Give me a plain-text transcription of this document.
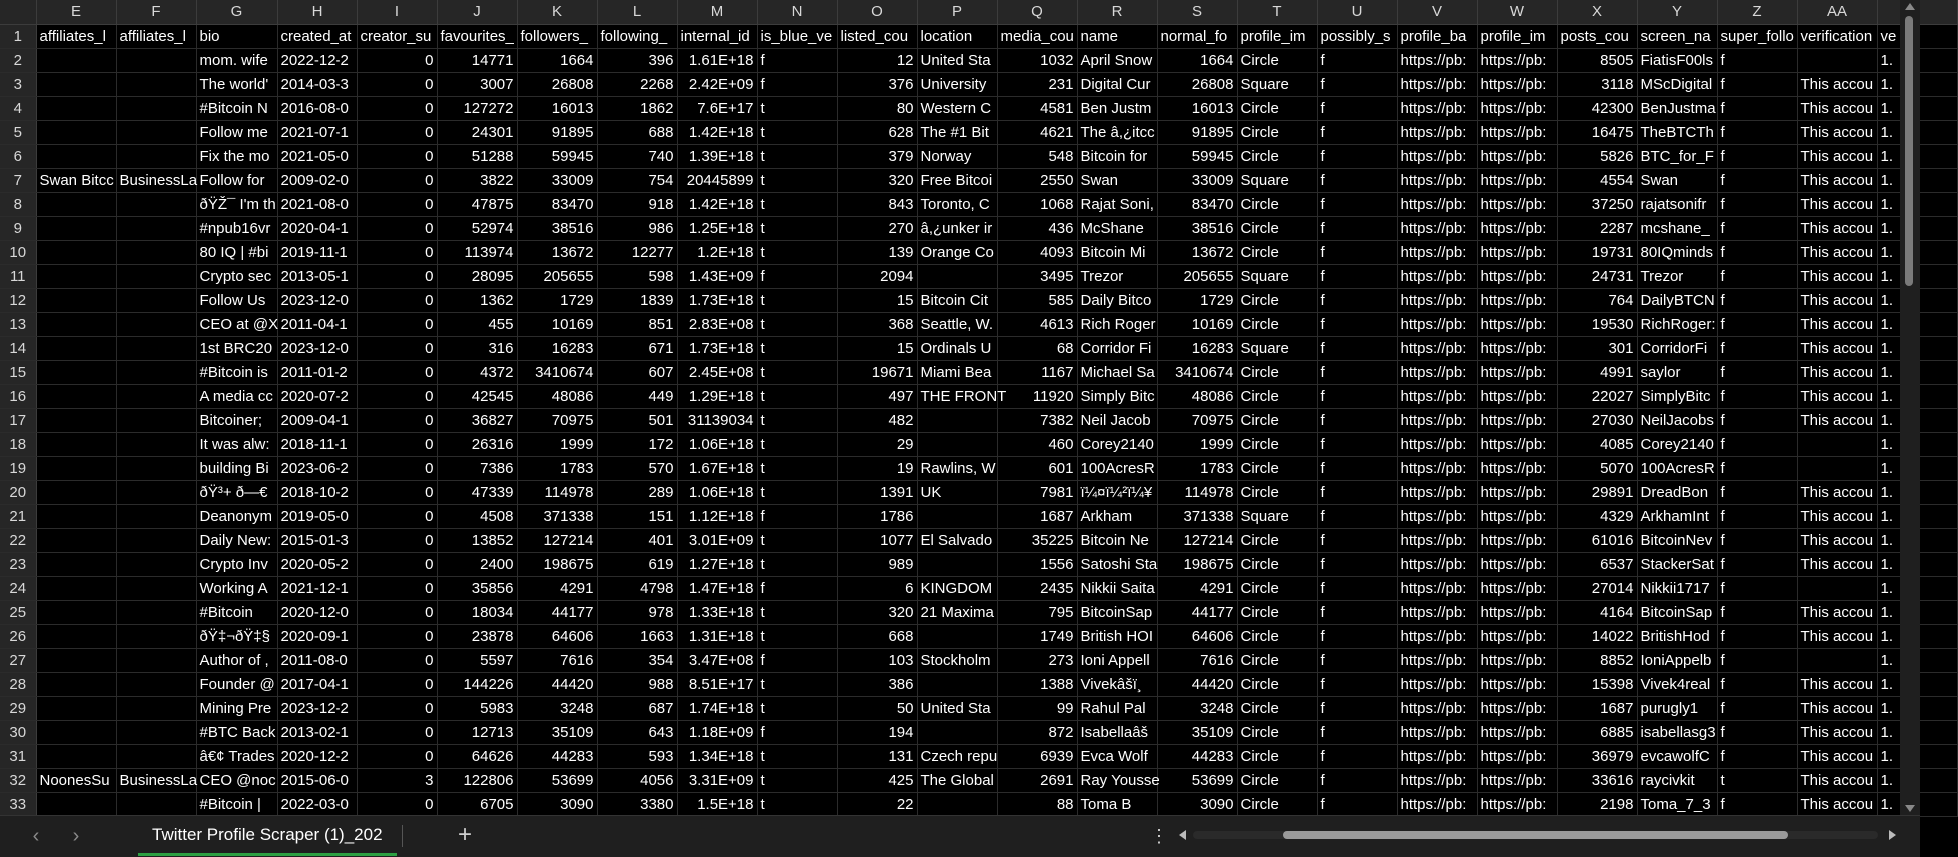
	E	F	G	H	I	J	K	L	M	N	O	P	Q	R	S	T	U	V	W	X	Y	Z	AA	
1	affiliates_l	affiliates_l	bio	created_at	creator_su	favourites_	followers_	following_	internal_id	is_blue_ve	listed_cou	location	media_cou	name	normal_fo	profile_im	possibly_s	profile_ba	profile_im	posts_cou	screen_na	super_follo	verification	ve
2			mom. wife	2022-12-2	0	14771	1664	396	1.61E+18	f	12	United Sta	1032	April Snow	1664	Circle	f	https://pb:	https://pb:	8505	FiatisF00ls	f		1.
3			The world'	2014-03-3	0	3007	26808	2268	2.42E+09	f	376	University	231	Digital Cur	26808	Square	f	https://pb:	https://pb:	3118	MScDigital	f	This accou	1.
4			#Bitcoin N	2016-08-0	0	127272	16013	1862	7.6E+17	t	80	Western C	4581	Ben Justm	16013	Circle	f	https://pb:	https://pb:	42300	BenJustma	f	This accou	1.
5			Follow me	2021-07-1	0	24301	91895	688	1.42E+18	t	628	The #1 Bit	4621	The â,¿itcc	91895	Circle	f	https://pb:	https://pb:	16475	TheBTCTh	f	This accou	1.
6			Fix the mo	2021-05-0	0	51288	59945	740	1.39E+18	t	379	Norway	548	Bitcoin for	59945	Circle	f	https://pb:	https://pb:	5826	BTC_for_F	f	This accou	1.
7	Swan Bitcc	BusinessLa	Follow for	2009-02-0	0	3822	33009	754	20445899	t	320	Free Bitcoi	2550	Swan	33009	Square	f	https://pb:	https://pb:	4554	Swan	f	This accou	1.
8			ðŸŽ¯ I'm th	2021-08-0	0	47875	83470	918	1.42E+18	t	843	Toronto, C	1068	Rajat Soni,	83470	Circle	f	https://pb:	https://pb:	37250	rajatsonifr	f	This accou	1.
9			#npub16vr	2020-04-1	0	52974	38516	986	1.25E+18	t	270	â,¿unker ir	436	McShane	38516	Circle	f	https://pb:	https://pb:	2287	mcshane_	f	This accou	1.
10			80 IQ | #bi	2019-11-1	0	113974	13672	12277	1.2E+18	t	139	Orange Co	4093	Bitcoin Mi	13672	Circle	f	https://pb:	https://pb:	19731	80IQminds	f	This accou	1.
11			Crypto sec	2013-05-1	0	28095	205655	598	1.43E+09	f	2094		3495	Trezor	205655	Square	f	https://pb:	https://pb:	24731	Trezor	f	This accou	1.
12			Follow Us	2023-12-0	0	1362	1729	1839	1.73E+18	t	15	Bitcoin Cit	585	Daily Bitco	1729	Circle	f	https://pb:	https://pb:	764	DailyBTCN	f	This accou	1.
13			CEO at @X	2011-04-1	0	455	10169	851	2.83E+08	t	368	Seattle, W.	4613	Rich Roger	10169	Circle	f	https://pb:	https://pb:	19530	RichRoger:	f	This accou	1.
14			1st BRC20	2023-12-0	0	316	16283	671	1.73E+18	t	15	Ordinals U	68	Corridor Fi	16283	Square	f	https://pb:	https://pb:	301	CorridorFi	f	This accou	1.
15			#Bitcoin is	2011-01-2	0	4372	3410674	607	2.45E+08	t	19671	Miami Bea	1167	Michael Sa	3410674	Circle	f	https://pb:	https://pb:	4991	saylor	f	This accou	1.
16			A media cc	2020-07-2	0	42545	48086	449	1.29E+18	t	497	THE FRONT	11920	Simply Bitc	48086	Circle	f	https://pb:	https://pb:	22027	SimplyBitc	f	This accou	1.
17			Bitcoiner;	2009-04-1	0	36827	70975	501	31139034	t	482		7382	Neil Jacob	70975	Circle	f	https://pb:	https://pb:	27030	NeilJacobs	f	This accou	1.
18			It was alw:	2018-11-1	0	26316	1999	172	1.06E+18	t	29		460	Corey2140	1999	Circle	f	https://pb:	https://pb:	4085	Corey2140	f		1.
19			building Bi	2023-06-2	0	7386	1783	570	1.67E+18	t	19	Rawlins, W	601	100AcresR	1783	Circle	f	https://pb:	https://pb:	5070	100AcresR	f		1.
20			ðŸ³+ ð—€	2018-10-2	0	47339	114978	289	1.06E+18	t	1391	UK	7981	ï¼¤ï¼²ï¼¥	114978	Circle	f	https://pb:	https://pb:	29891	DreadBon	f	This accou	1.
21			Deanonym	2019-05-0	0	4508	371338	151	1.12E+18	f	1786		1687	Arkham	371338	Square	f	https://pb:	https://pb:	4329	ArkhamInt	f	This accou	1.
22			Daily New:	2015-01-3	0	13852	127214	401	3.01E+09	t	1077	El Salvado	35225	Bitcoin Ne	127214	Circle	f	https://pb:	https://pb:	61016	BitcoinNev	f	This accou	1.
23			Crypto Inv	2020-05-2	0	2400	198675	619	1.27E+18	t	989		1556	Satoshi Sta	198675	Circle	f	https://pb:	https://pb:	6537	StackerSat	f	This accou	1.
24			Working A	2021-12-1	0	35856	4291	4798	1.47E+18	f	6	KINGDOM	2435	Nikkii Saita	4291	Circle	f	https://pb:	https://pb:	27014	Nikkii1717	f		1.
25			#Bitcoin	2020-12-0	0	18034	44177	978	1.33E+18	t	320	21 Maxima	795	BitcoinSap	44177	Circle	f	https://pb:	https://pb:	4164	BitcoinSap	f	This accou	1.
26			ðŸ‡¬ðŸ‡§	2020-09-1	0	23878	64606	1663	1.31E+18	t	668		1749	British HOI	64606	Circle	f	https://pb:	https://pb:	14022	BritishHod	f	This accou	1.
27			Author of ,	2011-08-0	0	5597	7616	354	3.47E+08	f	103	Stockholm	273	Ioni Appell	7616	Circle	f	https://pb:	https://pb:	8852	IoniAppelb	f		1.
28			Founder @	2017-04-1	0	144226	44420	988	8.51E+17	t	386		1388	Vivekâšï¸	44420	Circle	f	https://pb:	https://pb:	15398	Vivek4real	f	This accou	1.
29			Mining Pre	2023-12-2	0	5983	3248	687	1.74E+18	t	50	United Sta	99	Rahul Pal	3248	Circle	f	https://pb:	https://pb:	1687	purugly1	f	This accou	1.
30			#BTC Back	2013-02-1	0	12713	35109	643	1.18E+09	f	194		872	Isabellaâš	35109	Circle	f	https://pb:	https://pb:	6885	isabellasg3	f	This accou	1.
31			â€¢ Trades	2020-12-2	0	64626	44283	593	1.34E+18	t	131	Czech repu	6939	Evca Wolf	44283	Circle	f	https://pb:	https://pb:	36979	evcawolfC	f	This accou	1.
32	NoonesSu	BusinessLa	CEO @noc	2015-06-0	3	122806	53699	4056	3.31E+09	t	425	The Global	2691	Ray Yousse	53699	Circle	f	https://pb:	https://pb:	33616	raycivkit	t	This accou	1.
33			#Bitcoin |	2022-03-0	0	6705	3090	3380	1.5E+18	t	22		88	Toma B	3090	Circle	f	https://pb:	https://pb:	2198	Toma_7_3	f	This accou	1.
‹	›	Twitter Profile Scraper (1)_202	+	⋮
